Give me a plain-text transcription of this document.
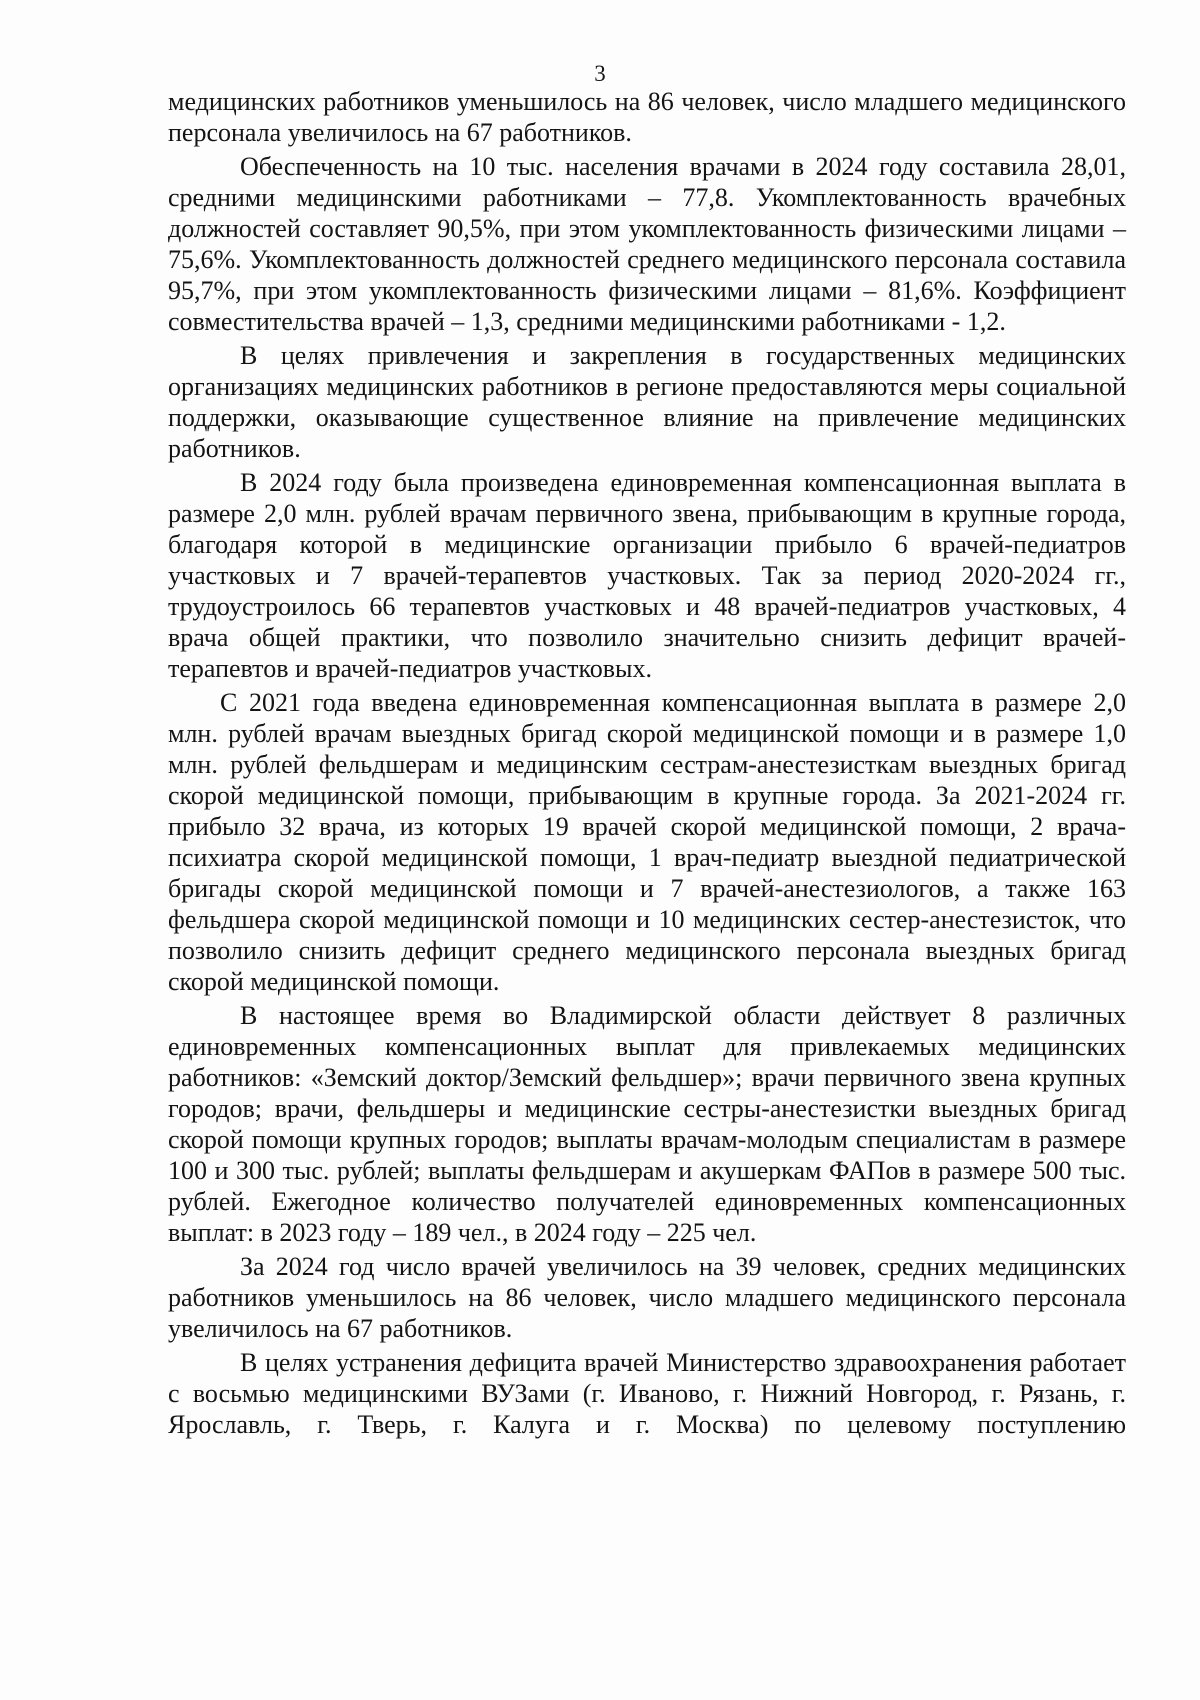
3

медицинских работников уменьшилось на 86 человек, число младшего медицинского персонала увеличилось на 67 работников.

Обеспеченность на 10 тыс. населения врачами в 2024 году составила 28,01, средними медицинскими работниками – 77,8. Укомплектованность врачебных должностей составляет 90,5%, при этом укомплектованность физическими лицами – 75,6%. Укомплектованность должностей среднего медицинского персонала составила 95,7%, при этом укомплектованность физическими лицами – 81,6%. Коэффициент совместительства врачей – 1,3, средними медицинскими работниками - 1,2.

В целях привлечения и закрепления в государственных медицинских организациях медицинских работников в регионе предоставляются меры социальной поддержки, оказывающие существенное влияние на привлечение медицинских работников.

В 2024 году была произведена единовременная компенсационная выплата в размере 2,0 млн. рублей врачам первичного звена, прибывающим в крупные города, благодаря которой в медицинские организации прибыло 6 врачей-педиатров участковых и 7 врачей-терапевтов участковых. Так за период 2020-2024 гг., трудоустроилось 66 терапевтов участковых и 48 врачей-педиатров участковых, 4 врача общей практики, что позволило значительно снизить дефицит врачей-терапевтов и врачей-педиатров участковых.

С 2021 года введена единовременная компенсационная выплата в размере 2,0 млн. рублей врачам выездных бригад скорой медицинской помощи и в размере 1,0 млн. рублей фельдшерам и медицинским сестрам-анестезисткам выездных бригад скорой медицинской помощи, прибывающим в крупные города. За 2021-2024 гг. прибыло 32 врача, из которых 19 врачей скорой медицинской помощи, 2 врача-психиатра скорой медицинской помощи, 1 врач-педиатр выездной педиатрической бригады скорой медицинской помощи и 7 врачей-анестезиологов, а также 163 фельдшера скорой медицинской помощи и 10 медицинских сестер-анестезисток, что позволило снизить дефицит среднего медицинского персонала выездных бригад скорой медицинской помощи.

В настоящее время во Владимирской области действует 8 различных единовременных компенсационных выплат для привлекаемых медицинских работников: «Земский доктор/Земский фельдшер»; врачи первичного звена крупных городов; врачи, фельдшеры и медицинские сестры-анестезистки выездных бригад скорой помощи крупных городов; выплаты врачам-молодым специалистам в размере 100 и 300 тыс. рублей; выплаты фельдшерам и акушеркам ФАПов в размере 500 тыс. рублей. Ежегодное количество получателей единовременных компенсационных выплат: в 2023 году – 189 чел., в 2024 году – 225 чел.

За 2024 год число врачей увеличилось на 39 человек, средних медицинских работников уменьшилось на 86 человек, число младшего медицинского персонала увеличилось на 67 работников.

В целях устранения дефицита врачей Министерство здравоохранения работает с восьмью медицинскими ВУЗами (г. Иваново, г. Нижний Новгород, г. Рязань, г. Ярославль, г. Тверь, г. Калуга и г. Москва) по целевому поступлению
